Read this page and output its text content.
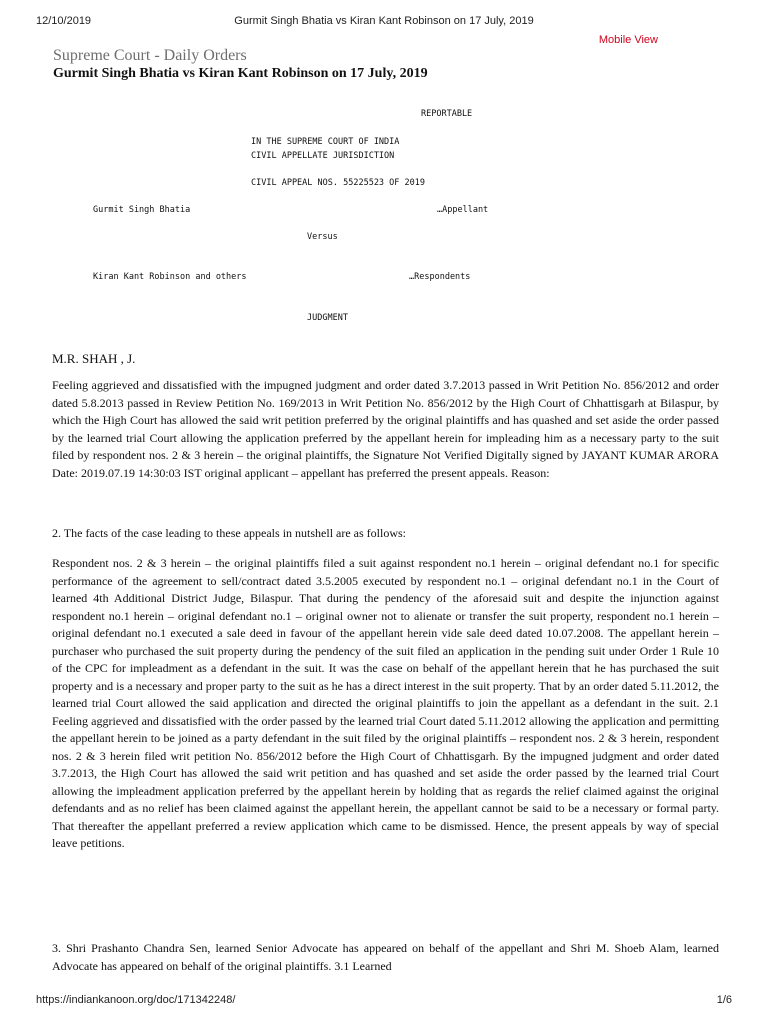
12/10/2019	Gurmit Singh Bhatia vs Kiran Kant Robinson on 17 July, 2019
Mobile View
Supreme Court - Daily Orders
Gurmit Singh Bhatia vs Kiran Kant Robinson on 17 July, 2019
REPORTABLE
IN THE SUPREME COURT OF INDIA
CIVIL APPELLATE JURISDICTION
CIVIL APPEAL NOS. 55225523 OF 2019
Gurmit Singh Bhatia	…Appellant
Versus
Kiran Kant Robinson and others	…Respondents
JUDGMENT
M.R. SHAH , J.
Feeling aggrieved and dissatisfied with the impugned judgment and order dated 3.7.2013 passed in Writ Petition No. 856/2012 and order dated 5.8.2013 passed in Review Petition No. 169/2013 in Writ Petition No. 856/2012 by the High Court of Chhattisgarh at Bilaspur, by which the High Court has allowed the said writ petition preferred by the original plaintiffs and has quashed and set aside the order passed by the learned trial Court allowing the application preferred by the appellant herein for impleading him as a necessary party to the suit filed by respondent nos. 2 & 3 herein – the original plaintiffs, the Signature Not Verified Digitally signed by JAYANT KUMAR ARORA Date: 2019.07.19 14:30:03 IST original applicant – appellant has preferred the present appeals. Reason:
2. The facts of the case leading to these appeals in nutshell are as follows:
Respondent nos. 2 & 3 herein – the original plaintiffs filed a suit against respondent no.1 herein – original defendant no.1 for specific performance of the agreement to sell/contract dated 3.5.2005 executed by respondent no.1 – original defendant no.1 in the Court of learned 4th Additional District Judge, Bilaspur. That during the pendency of the aforesaid suit and despite the injunction against respondent no.1 herein – original defendant no.1 – original owner not to alienate or transfer the suit property, respondent no.1 herein – original defendant no.1 executed a sale deed in favour of the appellant herein vide sale deed dated 10.07.2008. The appellant herein – purchaser who purchased the suit property during the pendency of the suit filed an application in the pending suit under Order 1 Rule 10 of the CPC for impleadment as a defendant in the suit. It was the case on behalf of the appellant herein that he has purchased the suit property and is a necessary and proper party to the suit as he has a direct interest in the suit property. That by an order dated 5.11.2012, the learned trial Court allowed the said application and directed the original plaintiffs to join the appellant as a defendant in the suit. 2.1 Feeling aggrieved and dissatisfied with the order passed by the learned trial Court dated 5.11.2012 allowing the application and permitting the appellant herein to be joined as a party defendant in the suit filed by the original plaintiffs – respondent nos. 2 & 3 herein, respondent nos. 2 & 3 herein filed writ petition No. 856/2012 before the High Court of Chhattisgarh. By the impugned judgment and order dated 3.7.2013, the High Court has allowed the said writ petition and has quashed and set aside the order passed by the learned trial Court allowing the impleadment application preferred by the appellant herein by holding that as regards the relief claimed against the original defendants and as no relief has been claimed against the appellant herein, the appellant cannot be said to be a necessary or formal party. That thereafter the appellant preferred a review application which came to be dismissed. Hence, the present appeals by way of special leave petitions.
3. Shri Prashanto Chandra Sen, learned Senior Advocate has appeared on behalf of the appellant and Shri M. Shoeb Alam, learned Advocate has appeared on behalf of the original plaintiffs. 3.1 Learned
https://indiankanoon.org/doc/171342248/	1/6
